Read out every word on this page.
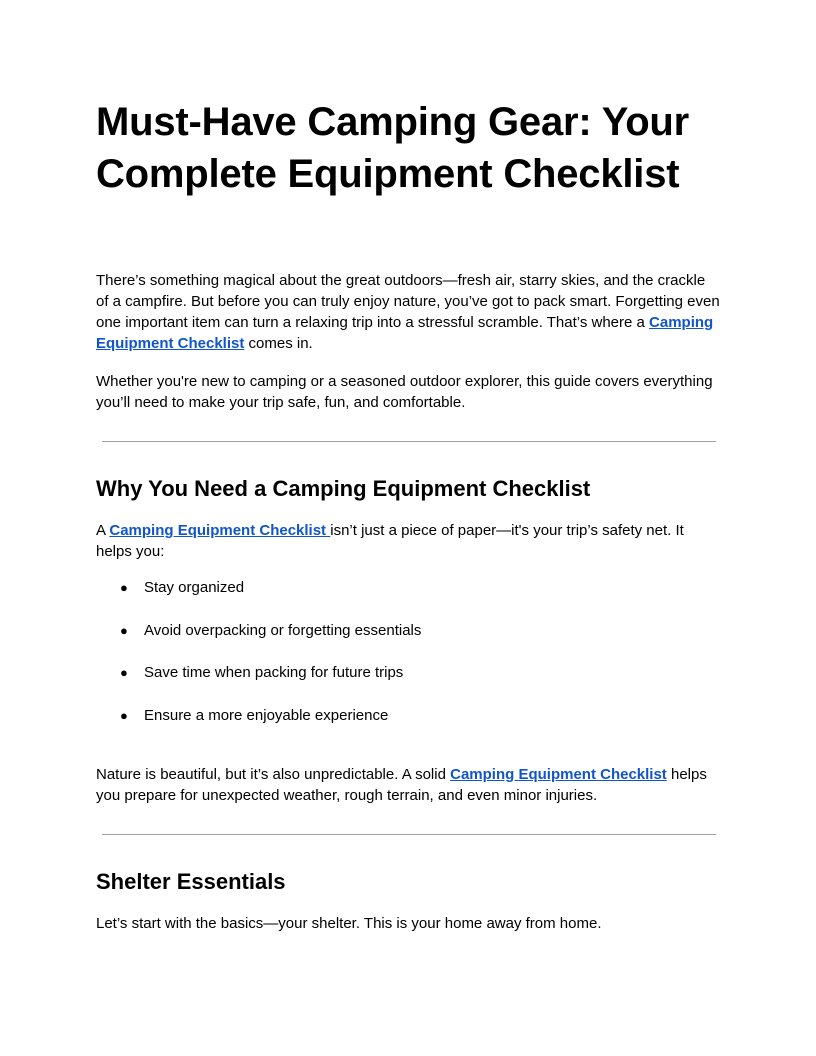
Must-Have Camping Gear: Your Complete Equipment Checklist

There’s something magical about the great outdoors—fresh air, starry skies, and the crackle of a campfire. But before you can truly enjoy nature, you’ve got to pack smart. Forgetting even one important item can turn a relaxing trip into a stressful scramble. That’s where a Camping Equipment Checklist comes in.

Whether you're new to camping or a seasoned outdoor explorer, this guide covers everything you’ll need to make your trip safe, fun, and comfortable.

Why You Need a Camping Equipment Checklist

A Camping Equipment Checklist isn’t just a piece of paper—it's your trip’s safety net. It helps you:

● Stay organized
● Avoid overpacking or forgetting essentials
● Save time when packing for future trips
● Ensure a more enjoyable experience

Nature is beautiful, but it’s also unpredictable. A solid Camping Equipment Checklist helps you prepare for unexpected weather, rough terrain, and even minor injuries.

Shelter Essentials

Let’s start with the basics—your shelter. This is your home away from home.
